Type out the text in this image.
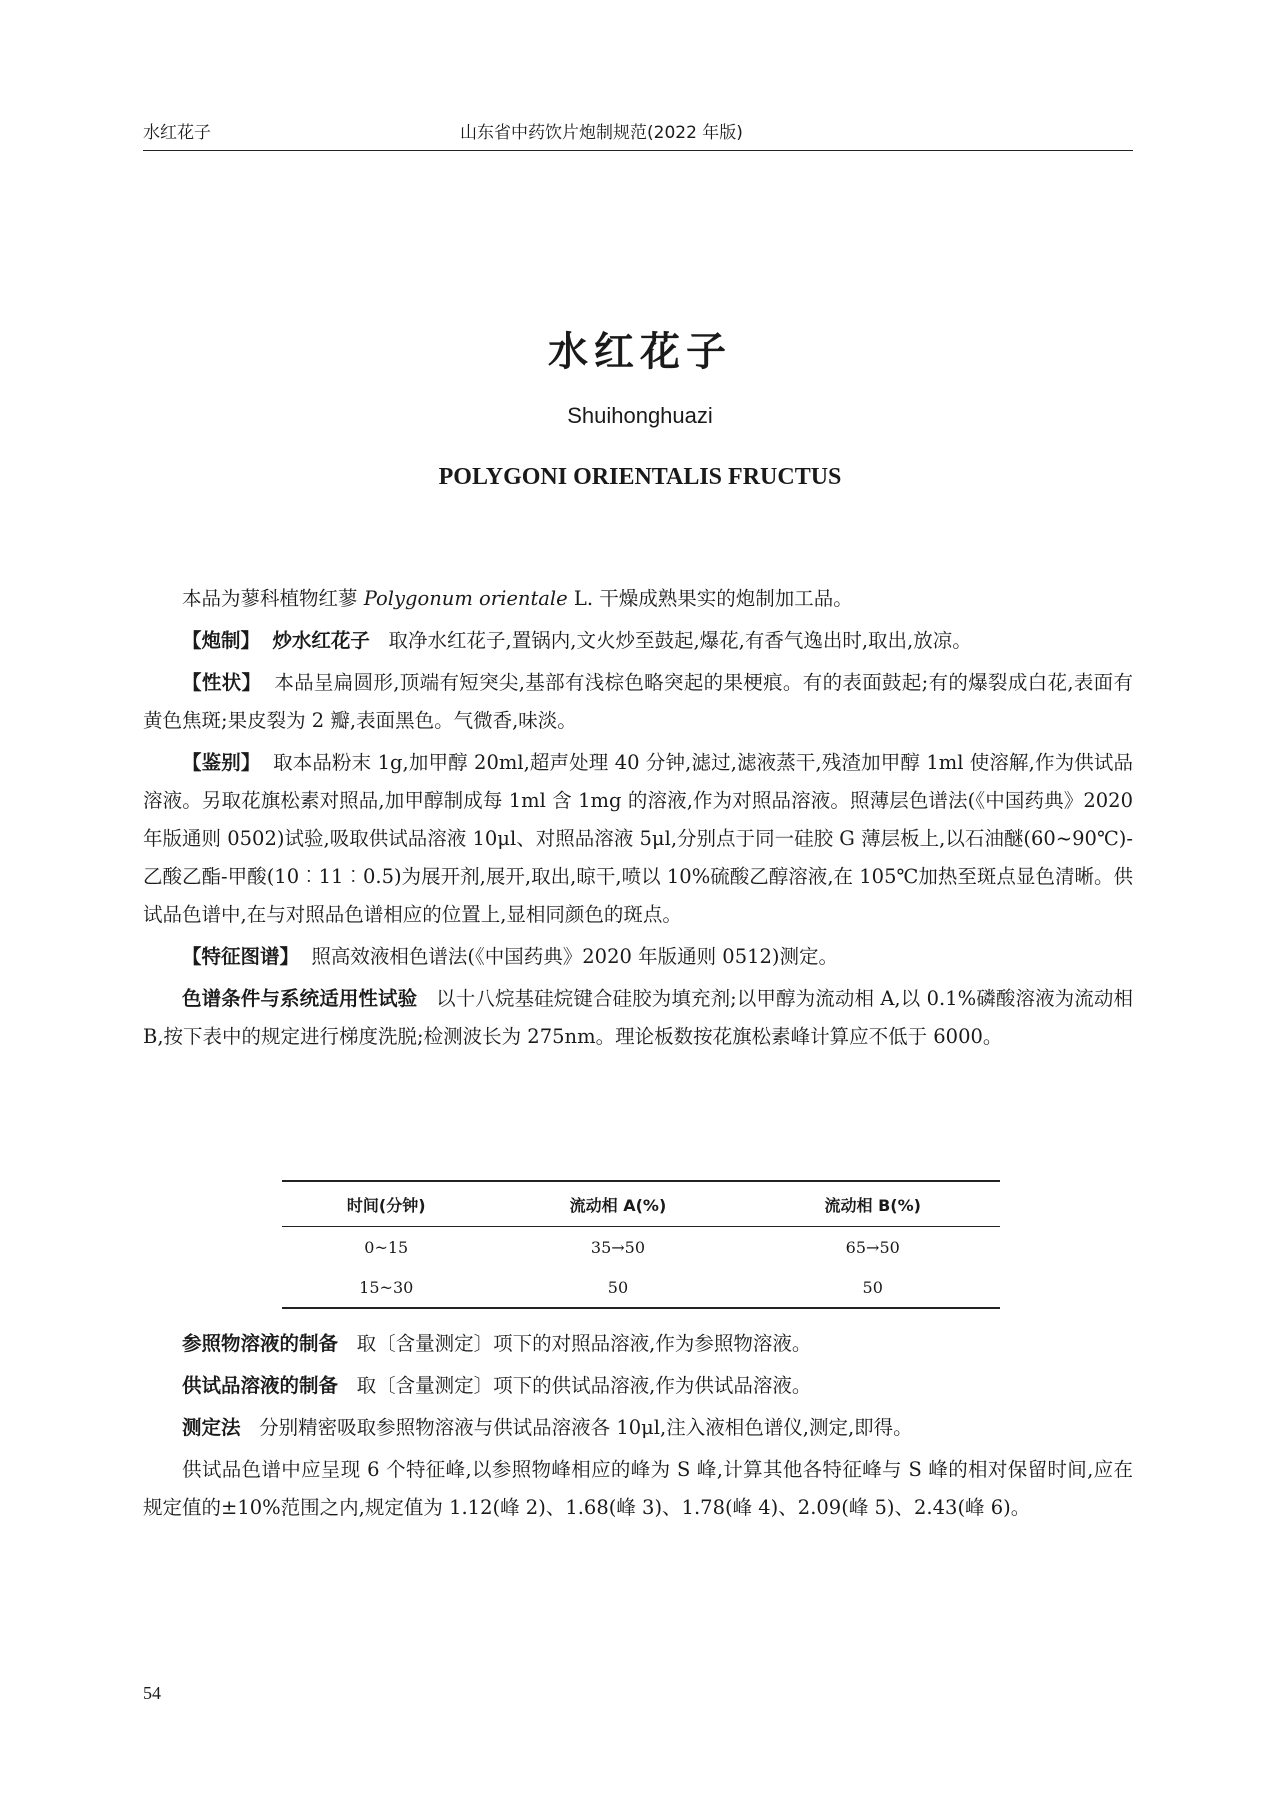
水红花子	山东省中药饮片炮制规范(2022 年版)
水红花子
Shuihonghuazi
POLYGONI ORIENTALIS FRUCTUS

本品为蓼科植物红蓼 Polygonum orientale L. 干燥成熟果实的炮制加工品。

【炮制】 炒水红花子 取净水红花子,置锅内,文火炒至鼓起,爆花,有香气逸出时,取出,放凉。

【性状】 本品呈扁圆形,顶端有短突尖,基部有浅棕色略突起的果梗痕。有的表面鼓起;有的爆裂成白花,表面有黄色焦斑;果皮裂为 2 瓣,表面黑色。气微香,味淡。

【鉴别】 取本品粉末 1g,加甲醇 20ml,超声处理 40 分钟,滤过,滤液蒸干,残渣加甲醇 1ml 使溶解,作为供试品溶液。另取花旗松素对照品,加甲醇制成每 1ml 含 1mg 的溶液,作为对照品溶液。照薄层色谱法(《中国药典》2020 年版通则 0502)试验,吸取供试品溶液 10μl、对照品溶液 5μl,分别点于同一硅胶 G 薄层板上,以石油醚(60~90℃)-乙酸乙酯-甲酸(10︰11︰0.5)为展开剂,展开,取出,晾干,喷以 10%硫酸乙醇溶液,在 105℃加热至斑点显色清晰。供试品色谱中,在与对照品色谱相应的位置上,显相同颜色的斑点。

【特征图谱】 照高效液相色谱法(《中国药典》2020 年版通则 0512)测定。

色谱条件与系统适用性试验 以十八烷基硅烷键合硅胶为填充剂;以甲醇为流动相 A,以 0.1%磷酸溶液为流动相 B,按下表中的规定进行梯度洗脱;检测波长为 275nm。理论板数按花旗松素峰计算应不低于 6000。

时间(分钟)	流动相 A(%)	流动相 B(%)
0~15	35→50	65→50
15~30	50	50

参照物溶液的制备 取〔含量测定〕项下的对照品溶液,作为参照物溶液。

供试品溶液的制备 取〔含量测定〕项下的供试品溶液,作为供试品溶液。

测定法 分别精密吸取参照物溶液与供试品溶液各 10μl,注入液相色谱仪,测定,即得。

供试品色谱中应呈现 6 个特征峰,以参照物峰相应的峰为 S 峰,计算其他各特征峰与 S 峰的相对保留时间,应在规定值的±10%范围之内,规定值为 1.12(峰 2)、1.68(峰 3)、1.78(峰 4)、2.09(峰 5)、2.43(峰 6)。

54
